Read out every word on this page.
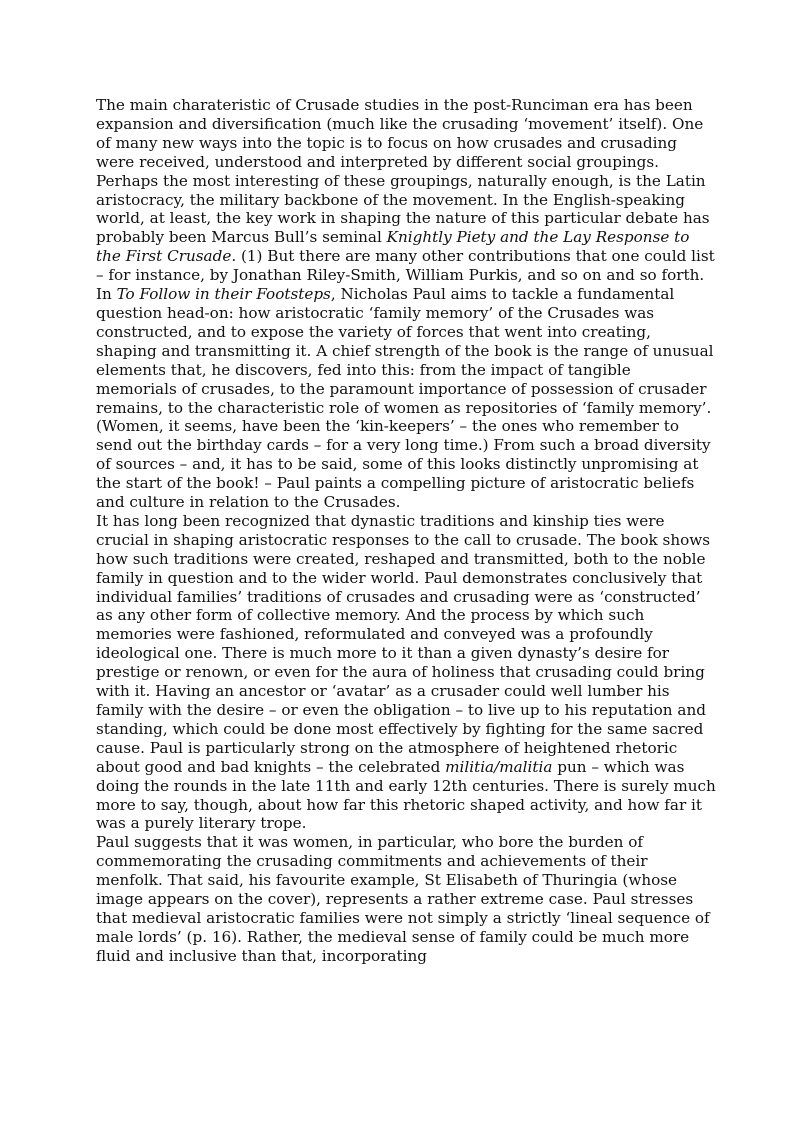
The main charateristic of Crusade studies in the post-Runciman era has been expansion and diversification (much like the crusading ‘movement’ itself). One of many new ways into the topic is to focus on how crusades and crusading were received, understood and interpreted by different social groupings. Perhaps the most interesting of these groupings, naturally enough, is the Latin aristocracy, the military backbone of the movement. In the English-speaking world, at least, the key work in shaping the nature of this particular debate has probably been Marcus Bull’s seminal Knightly Piety and the Lay Response to the First Crusade. (1) But there are many other contributions that one could list – for instance, by Jonathan Riley-Smith, William Purkis, and so on and so forth. In To Follow in their Footsteps, Nicholas Paul aims to tackle a fundamental question head-on: how aristocratic ‘family memory’ of the Crusades was constructed, and to expose the variety of forces that went into creating, shaping and transmitting it. A chief strength of the book is the range of unusual elements that, he discovers, fed into this: from the impact of tangible memorials of crusades, to the paramount importance of possession of crusader remains, to the characteristic role of women as repositories of ‘family memory’. (Women, it seems, have been the ‘kin-keepers’ – the ones who remember to send out the birthday cards – for a very long time.) From such a broad diversity of sources – and, it has to be said, some of this looks distinctly unpromising at the start of the book! – Paul paints a compelling picture of aristocratic beliefs and culture in relation to the Crusades.

It has long been recognized that dynastic traditions and kinship ties were crucial in shaping aristocratic responses to the call to crusade. The book shows how such traditions were created, reshaped and transmitted, both to the noble family in question and to the wider world. Paul demonstrates conclusively that individual families’ traditions of crusades and crusading were as ‘constructed’ as any other form of collective memory. And the process by which such memories were fashioned, reformulated and conveyed was a profoundly ideological one. There is much more to it than a given dynasty’s desire for prestige or renown, or even for the aura of holiness that crusading could bring with it. Having an ancestor or ‘avatar’ as a crusader could well lumber his family with the desire – or even the obligation – to live up to his reputation and standing, which could be done most effectively by fighting for the same sacred cause. Paul is particularly strong on the atmosphere of heightened rhetoric about good and bad knights – the celebrated militia/malitia pun – which was doing the rounds in the late 11th and early 12th centuries. There is surely much more to say, though, about how far this rhetoric shaped activity, and how far it was a purely literary trope.

Paul suggests that it was women, in particular, who bore the burden of commemorating the crusading commitments and achievements of their menfolk. That said, his favourite example, St Elisabeth of Thuringia (whose image appears on the cover), represents a rather extreme case. Paul stresses that medieval aristocratic families were not simply a strictly ‘lineal sequence of male lords’ (p. 16). Rather, the medieval sense of family could be much more fluid and inclusive than that, incorporating
